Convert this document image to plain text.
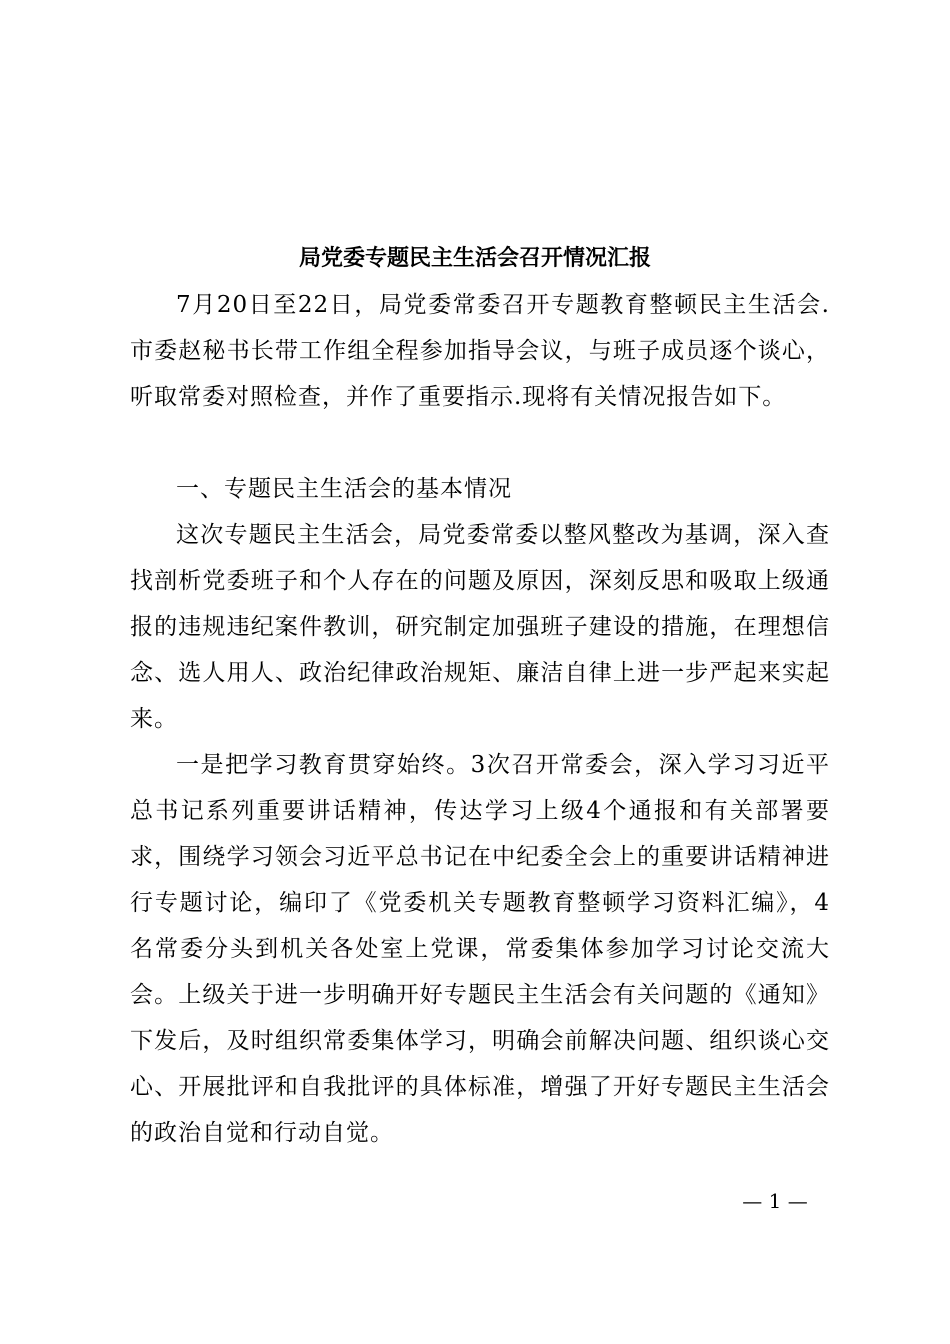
局党委专题民主生活会召开情况汇报
7月20日至22日，局党委常委召开专题教育整顿民主生活会.市委赵秘书长带工作组全程参加指导会议，与班子成员逐个谈心，听取常委对照检查，并作了重要指示.现将有关情况报告如下。
一、专题民主生活会的基本情况
这次专题民主生活会，局党委常委以整风整改为基调，深入查找剖析党委班子和个人存在的问题及原因，深刻反思和吸取上级通报的违规违纪案件教训，研究制定加强班子建设的措施，在理想信念、选人用人、政治纪律政治规矩、廉洁自律上进一步严起来实起来。
一是把学习教育贯穿始终。3次召开常委会，深入学习习近平总书记系列重要讲话精神，传达学习上级4个通报和有关部署要求，围绕学习领会习近平总书记在中纪委全会上的重要讲话精神进行专题讨论，编印了《党委机关专题教育整顿学习资料汇编》，4名常委分头到机关各处室上党课，常委集体参加学习讨论交流大会。上级关于进一步明确开好专题民主生活会有关问题的《通知》下发后，及时组织常委集体学习，明确会前解决问题、组织谈心交心、开展批评和自我批评的具体标准，增强了开好专题民主生活会的政治自觉和行动自觉。
— 1 —
